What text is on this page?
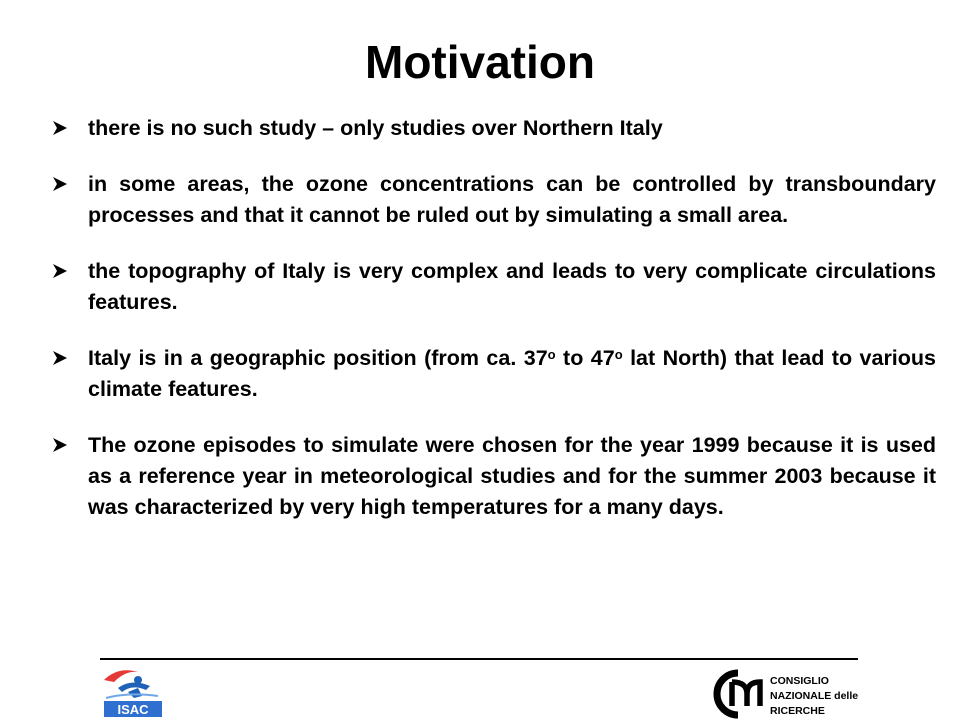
Motivation
there is no such study – only studies over Northern Italy
in some areas, the ozone concentrations can be controlled by transboundary processes and that it cannot be ruled out by simulating a small area.
the topography of Italy is very complex and leads to very complicate circulations features.
Italy is in a geographic position (from ca. 37$^o$ to 47$^o$ lat North) that lead to various climate features.
The ozone episodes to simulate were chosen for the year 1999 because it is used as a reference year in meteorological studies and for the summer 2003 because it was characterized by very high temperatures for a many days.
ISAC
CONSIGLIO
NAZIONALE delle
RICERCHE
